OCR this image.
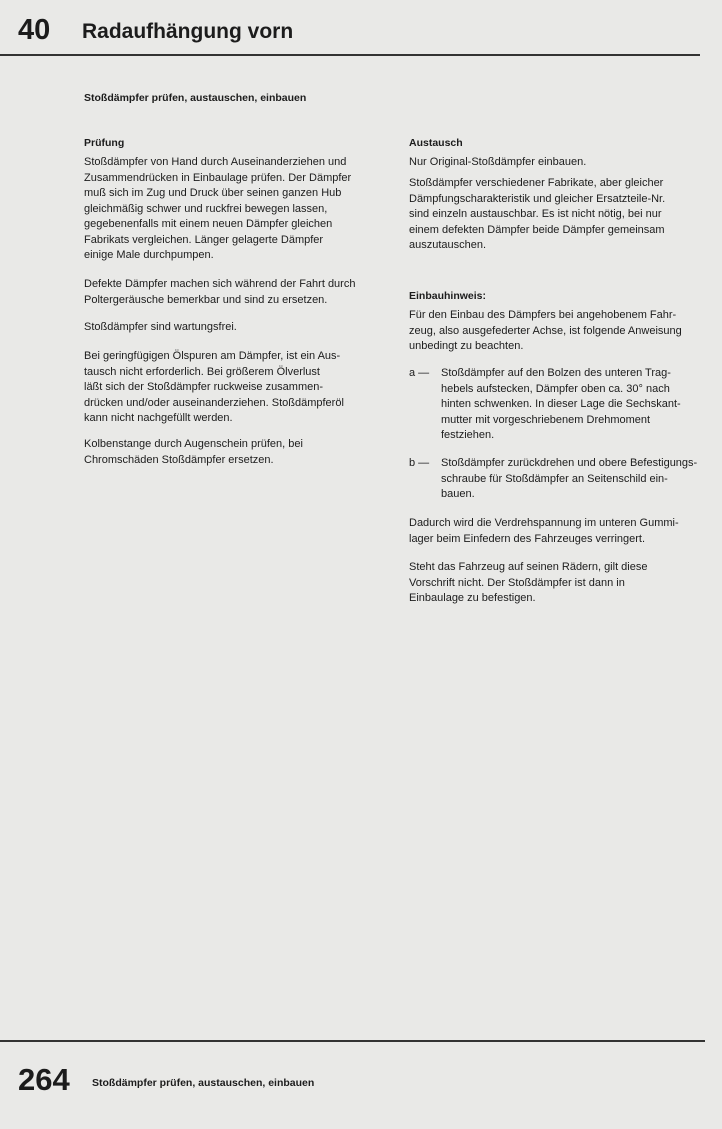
40 Radaufhängung vorn
Stoßdämpfer prüfen, austauschen, einbauen
Prüfung	Austausch
Einbauhinweis:
Stoßdämpfer von Hand durch Auseinanderziehen und
Zusammendrücken in Einbaulage prüfen. Der Dämpfer
muß sich im Zug und Druck über seinen ganzen Hub
gleichmäßig schwer und ruckfrei bewegen lassen,
gegebenenfalls mit einem neuen Dämpfer gleichen
Fabrikats vergleichen. Länger gelagerte Dämpfer
einige Male durchpumpen.
Defekte Dämpfer machen sich während der Fahrt durch
Poltergeräusche bemerkbar und sind zu ersetzen.
Stoßdämpfer sind wartungsfrei.
Bei geringfügigen Ölspuren am Dämpfer, ist ein Aus-
tausch nicht erforderlich. Bei größerem Ölverlust
läßt sich der Stoßdämpfer ruckweise zusammen-
drücken und/oder auseinanderziehen. Stoßdämpferöl
kann nicht nachgefüllt werden.
Kolbenstange durch Augenschein prüfen, bei
Chromschäden Stoßdämpfer ersetzen.
Nur Original-Stoßdämpfer einbauen.
Stoßdämpfer verschiedener Fabrikate, aber gleicher
Dämpfungscharakteristik und gleicher Ersatzteile-Nr.
sind einzeln austauschbar. Es ist nicht nötig, bei nur
einem defekten Dämpfer beide Dämpfer gemeinsam
auszutauschen.
Für den Einbau des Dämpfers bei angehobenem Fahr-
zeug, also ausgefederter Achse, ist folgende Anweisung
unbedingt zu beachten.
a — Stoßdämpfer auf den Bolzen des unteren Trag-
hebels aufstecken, Dämpfer oben ca. 30° nach
hinten schwenken. In dieser Lage die Sechskant-
mutter mit vorgeschriebenem Drehmoment
festziehen.
b — Stoßdämpfer zurückdrehen und obere Befestigungs-
schraube für Stoßdämpfer an Seitenschild ein-
bauen.
Dadurch wird die Verdrehspannung im unteren Gummi-
lager beim Einfedern des Fahrzeuges verringert.
Steht das Fahrzeug auf seinen Rädern, gilt diese
Vorschrift nicht. Der Stoßdämpfer ist dann in
Einbaulage zu befestigen.
264 Stoßdämpfer prüfen, austauschen, einbauen
